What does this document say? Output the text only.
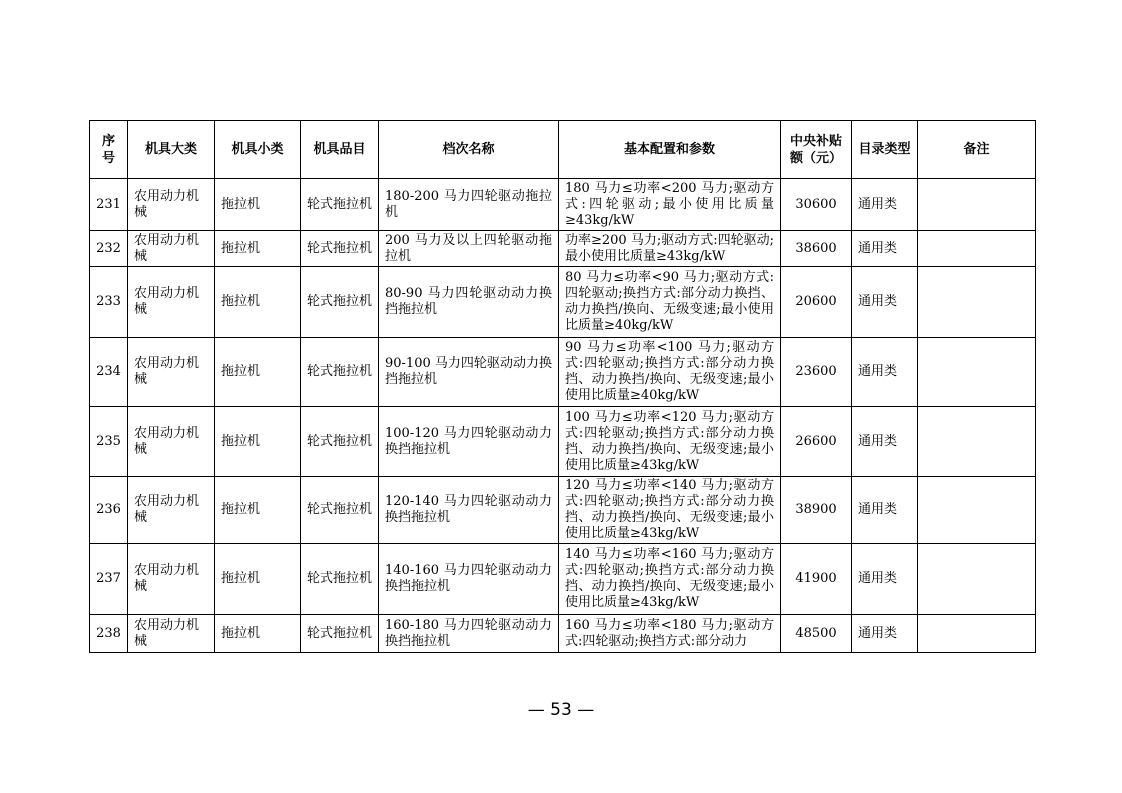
序号	机具大类	机具小类	机具品目	档次名称	基本配置和参数	中央补贴额（元）	目录类型	备注

231	农用动力机械	拖拉机	轮式拖拉机	180-200 马力四轮驱动拖拉机	180 马力≤功率<200 马力;驱动方式:四轮驱动;最小使用比质量≥43kg/kW	30600	通用类	

232	农用动力机械	拖拉机	轮式拖拉机	200 马力及以上四轮驱动拖拉机	功率≥200 马力;驱动方式:四轮驱动;最小使用比质量≥43kg/kW	38600	通用类	

233	农用动力机械	拖拉机	轮式拖拉机	80-90 马力四轮驱动动力换挡拖拉机	80 马力≤功率<90 马力;驱动方式:四轮驱动;换挡方式:部分动力换挡、动力换挡/换向、无级变速;最小使用比质量≥40kg/kW	20600	通用类	

234	农用动力机械	拖拉机	轮式拖拉机	90-100 马力四轮驱动动力换挡拖拉机	90 马力≤功率<100 马力;驱动方式:四轮驱动;换挡方式:部分动力换挡、动力换挡/换向、无级变速;最小使用比质量≥40kg/kW	23600	通用类	

235	农用动力机械	拖拉机	轮式拖拉机	100-120 马力四轮驱动动力换挡拖拉机	100 马力≤功率<120 马力;驱动方式:四轮驱动;换挡方式:部分动力换挡、动力换挡/换向、无级变速;最小使用比质量≥43kg/kW	26600	通用类	

236	农用动力机械	拖拉机	轮式拖拉机	120-140 马力四轮驱动动力换挡拖拉机	120 马力≤功率<140 马力;驱动方式:四轮驱动;换挡方式:部分动力换挡、动力换挡/换向、无级变速;最小使用比质量≥43kg/kW	38900	通用类	

237	农用动力机械	拖拉机	轮式拖拉机	140-160 马力四轮驱动动力换挡拖拉机	140 马力≤功率<160 马力;驱动方式:四轮驱动;换挡方式:部分动力换挡、动力换挡/换向、无级变速;最小使用比质量≥43kg/kW	41900	通用类	

238	农用动力机械	拖拉机	轮式拖拉机	160-180 马力四轮驱动动力换挡拖拉机	160 马力≤功率<180 马力;驱动方式:四轮驱动;换挡方式:部分动力	48500	通用类	

— 53 —
